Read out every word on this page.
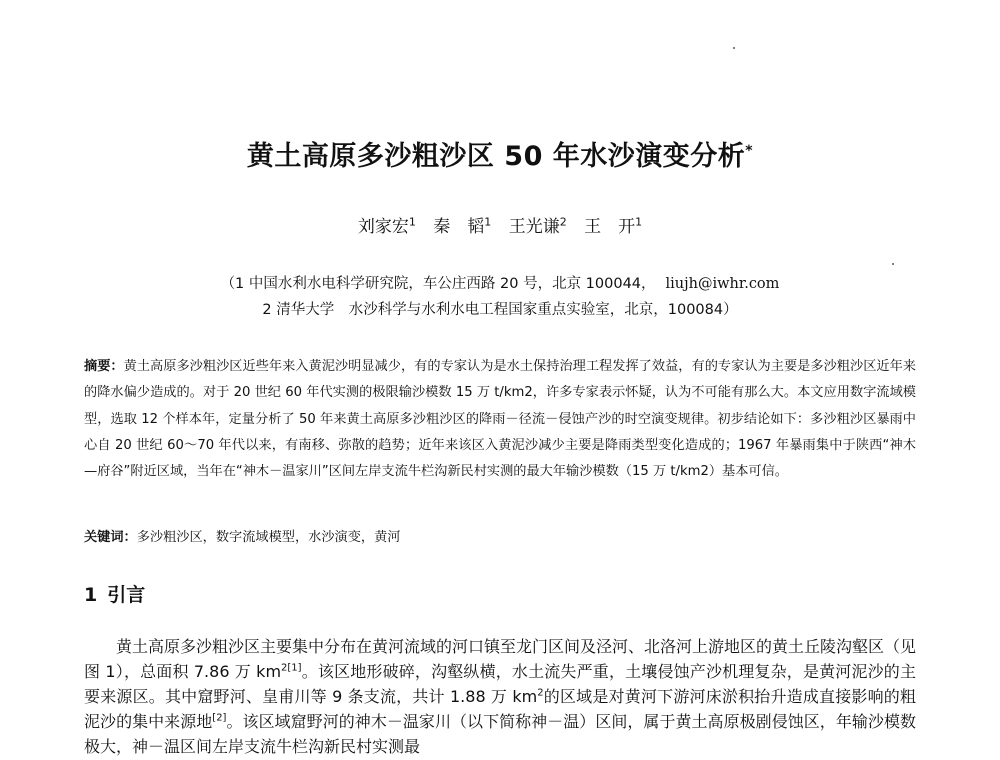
黄土高原多沙粗沙区 50 年水沙演变分析*
刘家宏$^1$ 秦　韬$^1$ 王光谦$^2$ 王　开$^1$
（1 中国水利水电科学研究院，车公庄西路 20 号，北京 100044， liujh@iwhr.com
2 清华大学　水沙科学与水利水电工程国家重点实验室，北京，100084）
摘要：黄土高原多沙粗沙区近些年来入黄泥沙明显减少，有的专家认为是水土保持治理工程发挥了效益，有的专家认为主要是多沙粗沙区近年来的降水偏少造成的。对于 20 世纪 60 年代实测的极限输沙模数 15 万 t/km2，许多专家表示怀疑，认为不可能有那么大。本文应用数字流域模型，选取 12 个样本年，定量分析了 50 年来黄土高原多沙粗沙区的降雨－径流－侵蚀产沙的时空演变规律。初步结论如下：多沙粗沙区暴雨中心自 20 世纪 60～70 年代以来，有南移、弥散的趋势；近年来该区入黄泥沙减少主要是降雨类型变化造成的；1967 年暴雨集中于陕西“神木—府谷”附近区域，当年在“神木－温家川”区间左岸支流牛栏沟新民村实测的最大年输沙模数（15 万 t/km2）基本可信。
关键词：多沙粗沙区，数字流域模型，水沙演变，黄河
1 引言
黄土高原多沙粗沙区主要集中分布在黄河流域的河口镇至龙门区间及泾河、北洛河上游地区的黄土丘陵沟壑区（见图 1），总面积 7.86 万 $km^{2[1]}$。该区地形破碎，沟壑纵横，水土流失严重，土壤侵蚀产沙机理复杂，是黄河泥沙的主要来源区。其中窟野河、皇甫川等 9 条支流，共计 1.88 万 $km^2$的区域是对黄河下游河床淤积抬升造成直接影响的粗泥沙的集中来源地[2]。该区域窟野河的神木－温家川（以下简称神－温）区间，属于黄土高原极剧侵蚀区，年输沙模数极大，神－温区间左岸支流牛栏沟新民村实测最
